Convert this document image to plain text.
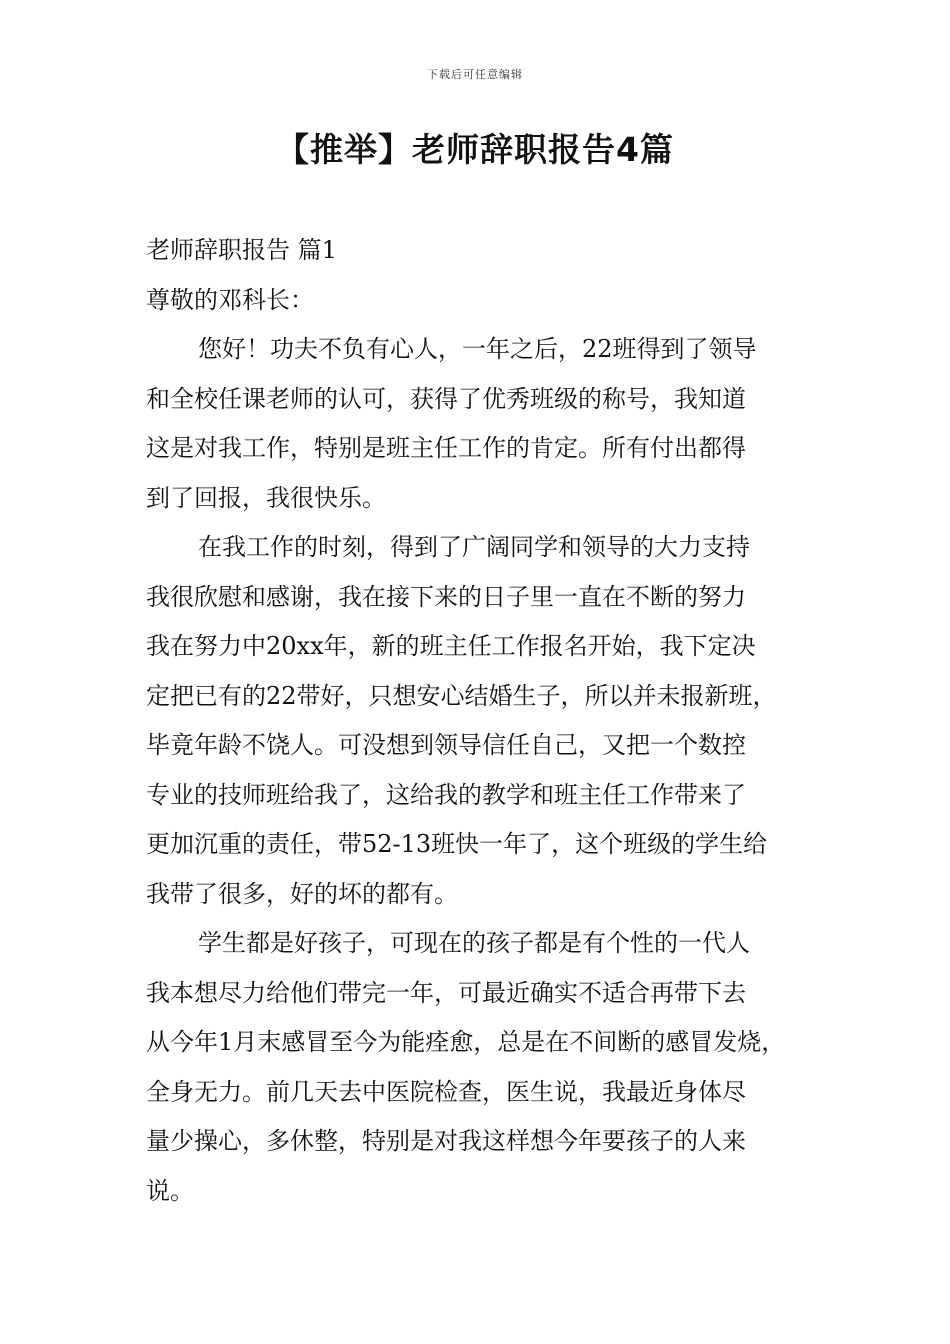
下载后可任意编辑
【推举】老师辞职报告4篇

老师辞职报告 篇1

尊敬的邓科长：

您好！功夫不负有心人，一年之后，22班得到了领导
和全校任课老师的认可，获得了优秀班级的称号，我知道
这是对我工作，特别是班主任工作的肯定。所有付出都得
到了回报，我很快乐。

在我工作的时刻，得到了广阔同学和领导的大力支持
我很欣慰和感谢，我在接下来的日子里一直在不断的努力
我在努力中20xx年，新的班主任工作报名开始，我下定决
定把已有的22带好，只想安心结婚生子，所以并未报新班，
毕竟年龄不饶人。可没想到领导信任自己，又把一个数控
专业的技师班给我了，这给我的教学和班主任工作带来了
更加沉重的责任，带52-13班快一年了，这个班级的学生给
我带了很多，好的坏的都有。

学生都是好孩子，可现在的孩子都是有个性的一代人
我本想尽力给他们带完一年，可最近确实不适合再带下去
从今年1月末感冒至今为能痊愈，总是在不间断的感冒发烧，
全身无力。前几天去中医院检查，医生说，我最近身体尽
量少操心，多休整，特别是对我这样想今年要孩子的人来
说。
